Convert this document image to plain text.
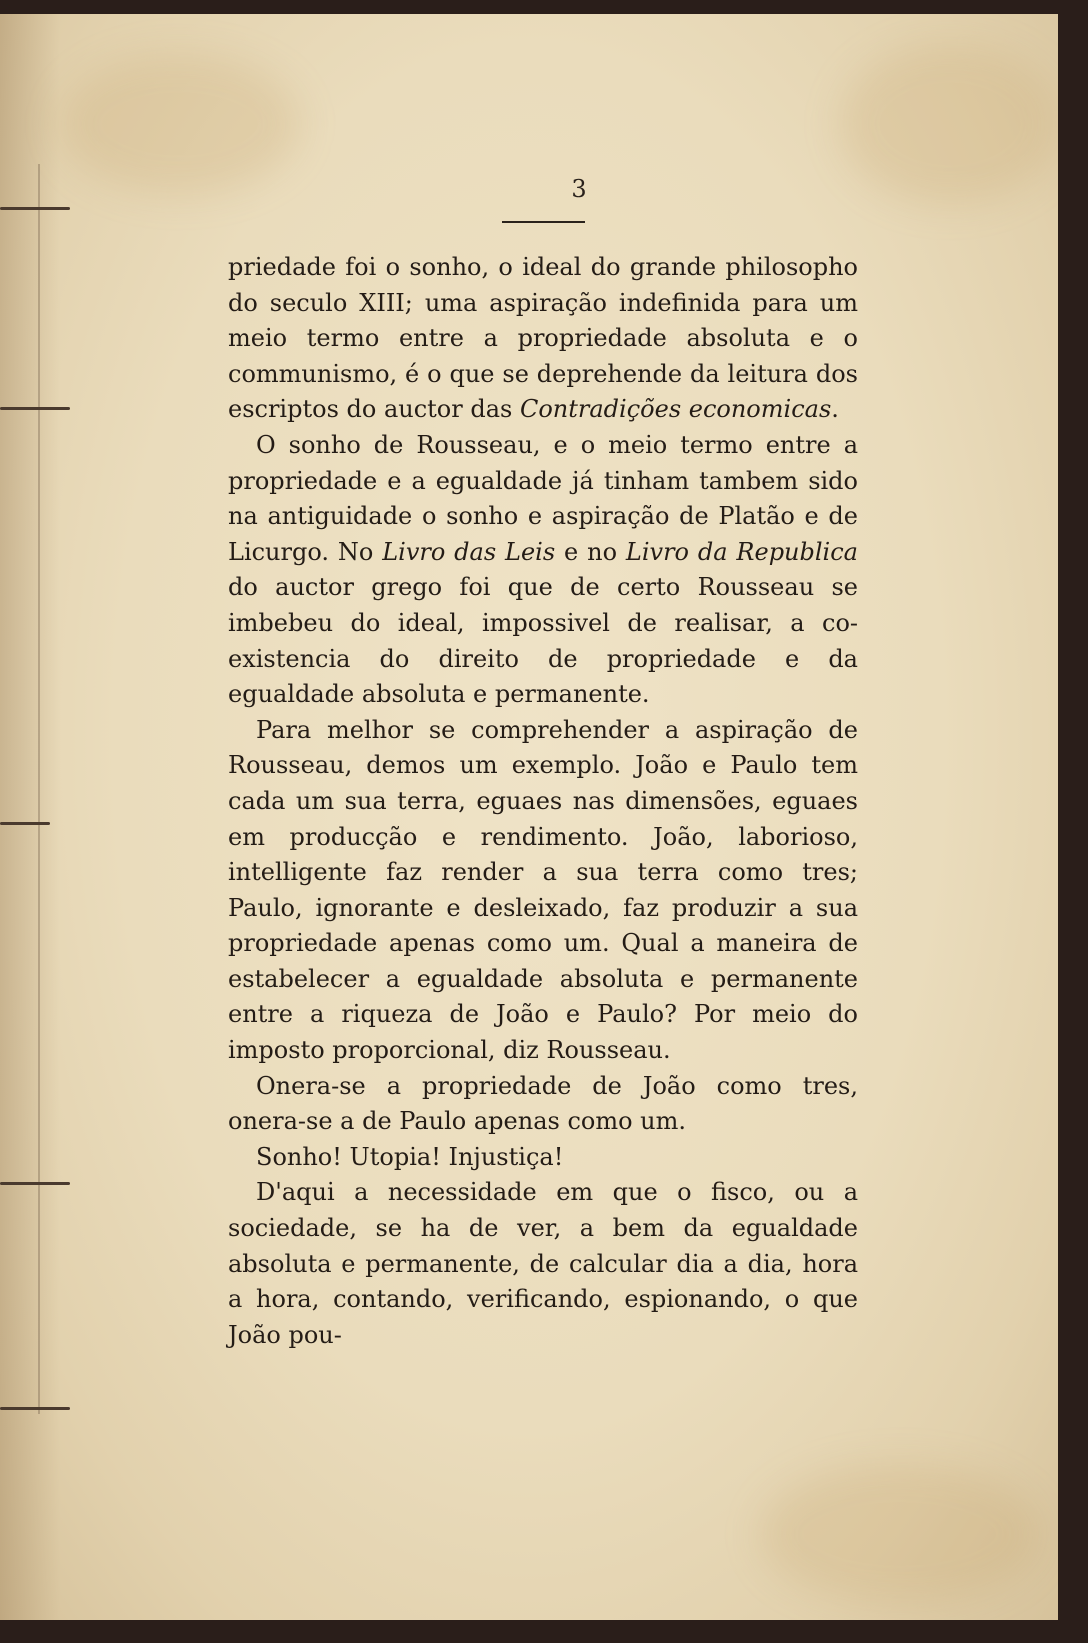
3

priedade foi o sonho, o ideal do grande philosopho do seculo XIII; uma aspiração indefinida para um meio termo entre a propriedade absoluta e o communismo, é o que se deprehende da leitura dos escriptos do auctor das Contradições economicas.

O sonho de Rousseau, e o meio termo entre a propriedade e a egualdade já tinham tambem sido na antiguidade o sonho e aspiração de Platão e de Licurgo. No Livro das Leis e no Livro da Republica do auctor grego foi que de certo Rousseau se imbebeu do ideal, impossivel de realisar, a co-existencia do direito de propriedade e da egualdade absoluta e permanente.

Para melhor se comprehender a aspiração de Rousseau, demos um exemplo. João e Paulo tem cada um sua terra, eguaes nas dimensões, eguaes em producção e rendimento. João, laborioso, intelligente faz render a sua terra como tres; Paulo, ignorante e desleixado, faz produzir a sua propriedade apenas como um. Qual a maneira de estabelecer a egualdade absoluta e permanente entre a riqueza de João e Paulo? Por meio do imposto proporcional, diz Rousseau.

Onera-se a propriedade de João como tres, onera-se a de Paulo apenas como um.

Sonho! Utopia! Injustiça!

D'aqui a necessidade em que o fisco, ou a sociedade, se ha de ver, a bem da egualdade absoluta e permanente, de calcular dia a dia, hora a hora, contando, verificando, espionando, o que João pou-
